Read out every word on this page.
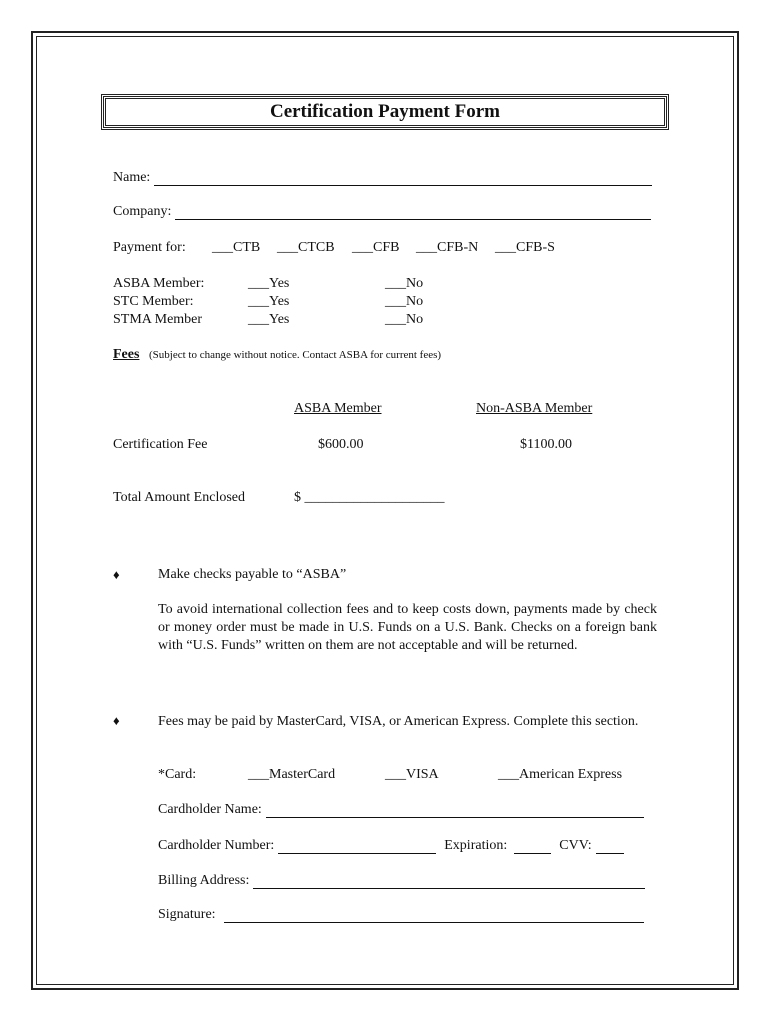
Certification Payment Form
Name:
Company:
Payment for: ___CTB ___CTCB ___CFB ___CFB-N ___CFB-S
ASBA Member:	___Yes	___No
STC Member:	___Yes	___No
STMA Member	___Yes	___No
Fees (Subject to change without notice. Contact ASBA for current fees)
ASBA Member	Non-ASBA Member
Certification Fee	$600.00	$1100.00
Total Amount Enclosed	$ ____________________
♦	Make checks payable to “ASBA”
To avoid international collection fees and to keep costs down, payments made by check or money order must be made in U.S. Funds on a U.S. Bank. Checks on a foreign bank with “U.S. Funds” written on them are not acceptable and will be returned.
♦	Fees may be paid by MasterCard, VISA, or American Express. Complete this section.
*Card:	___MasterCard	___VISA	___American Express
Cardholder Name:
Cardholder Number:	Expiration:	CVV:
Billing Address:
Signature:
